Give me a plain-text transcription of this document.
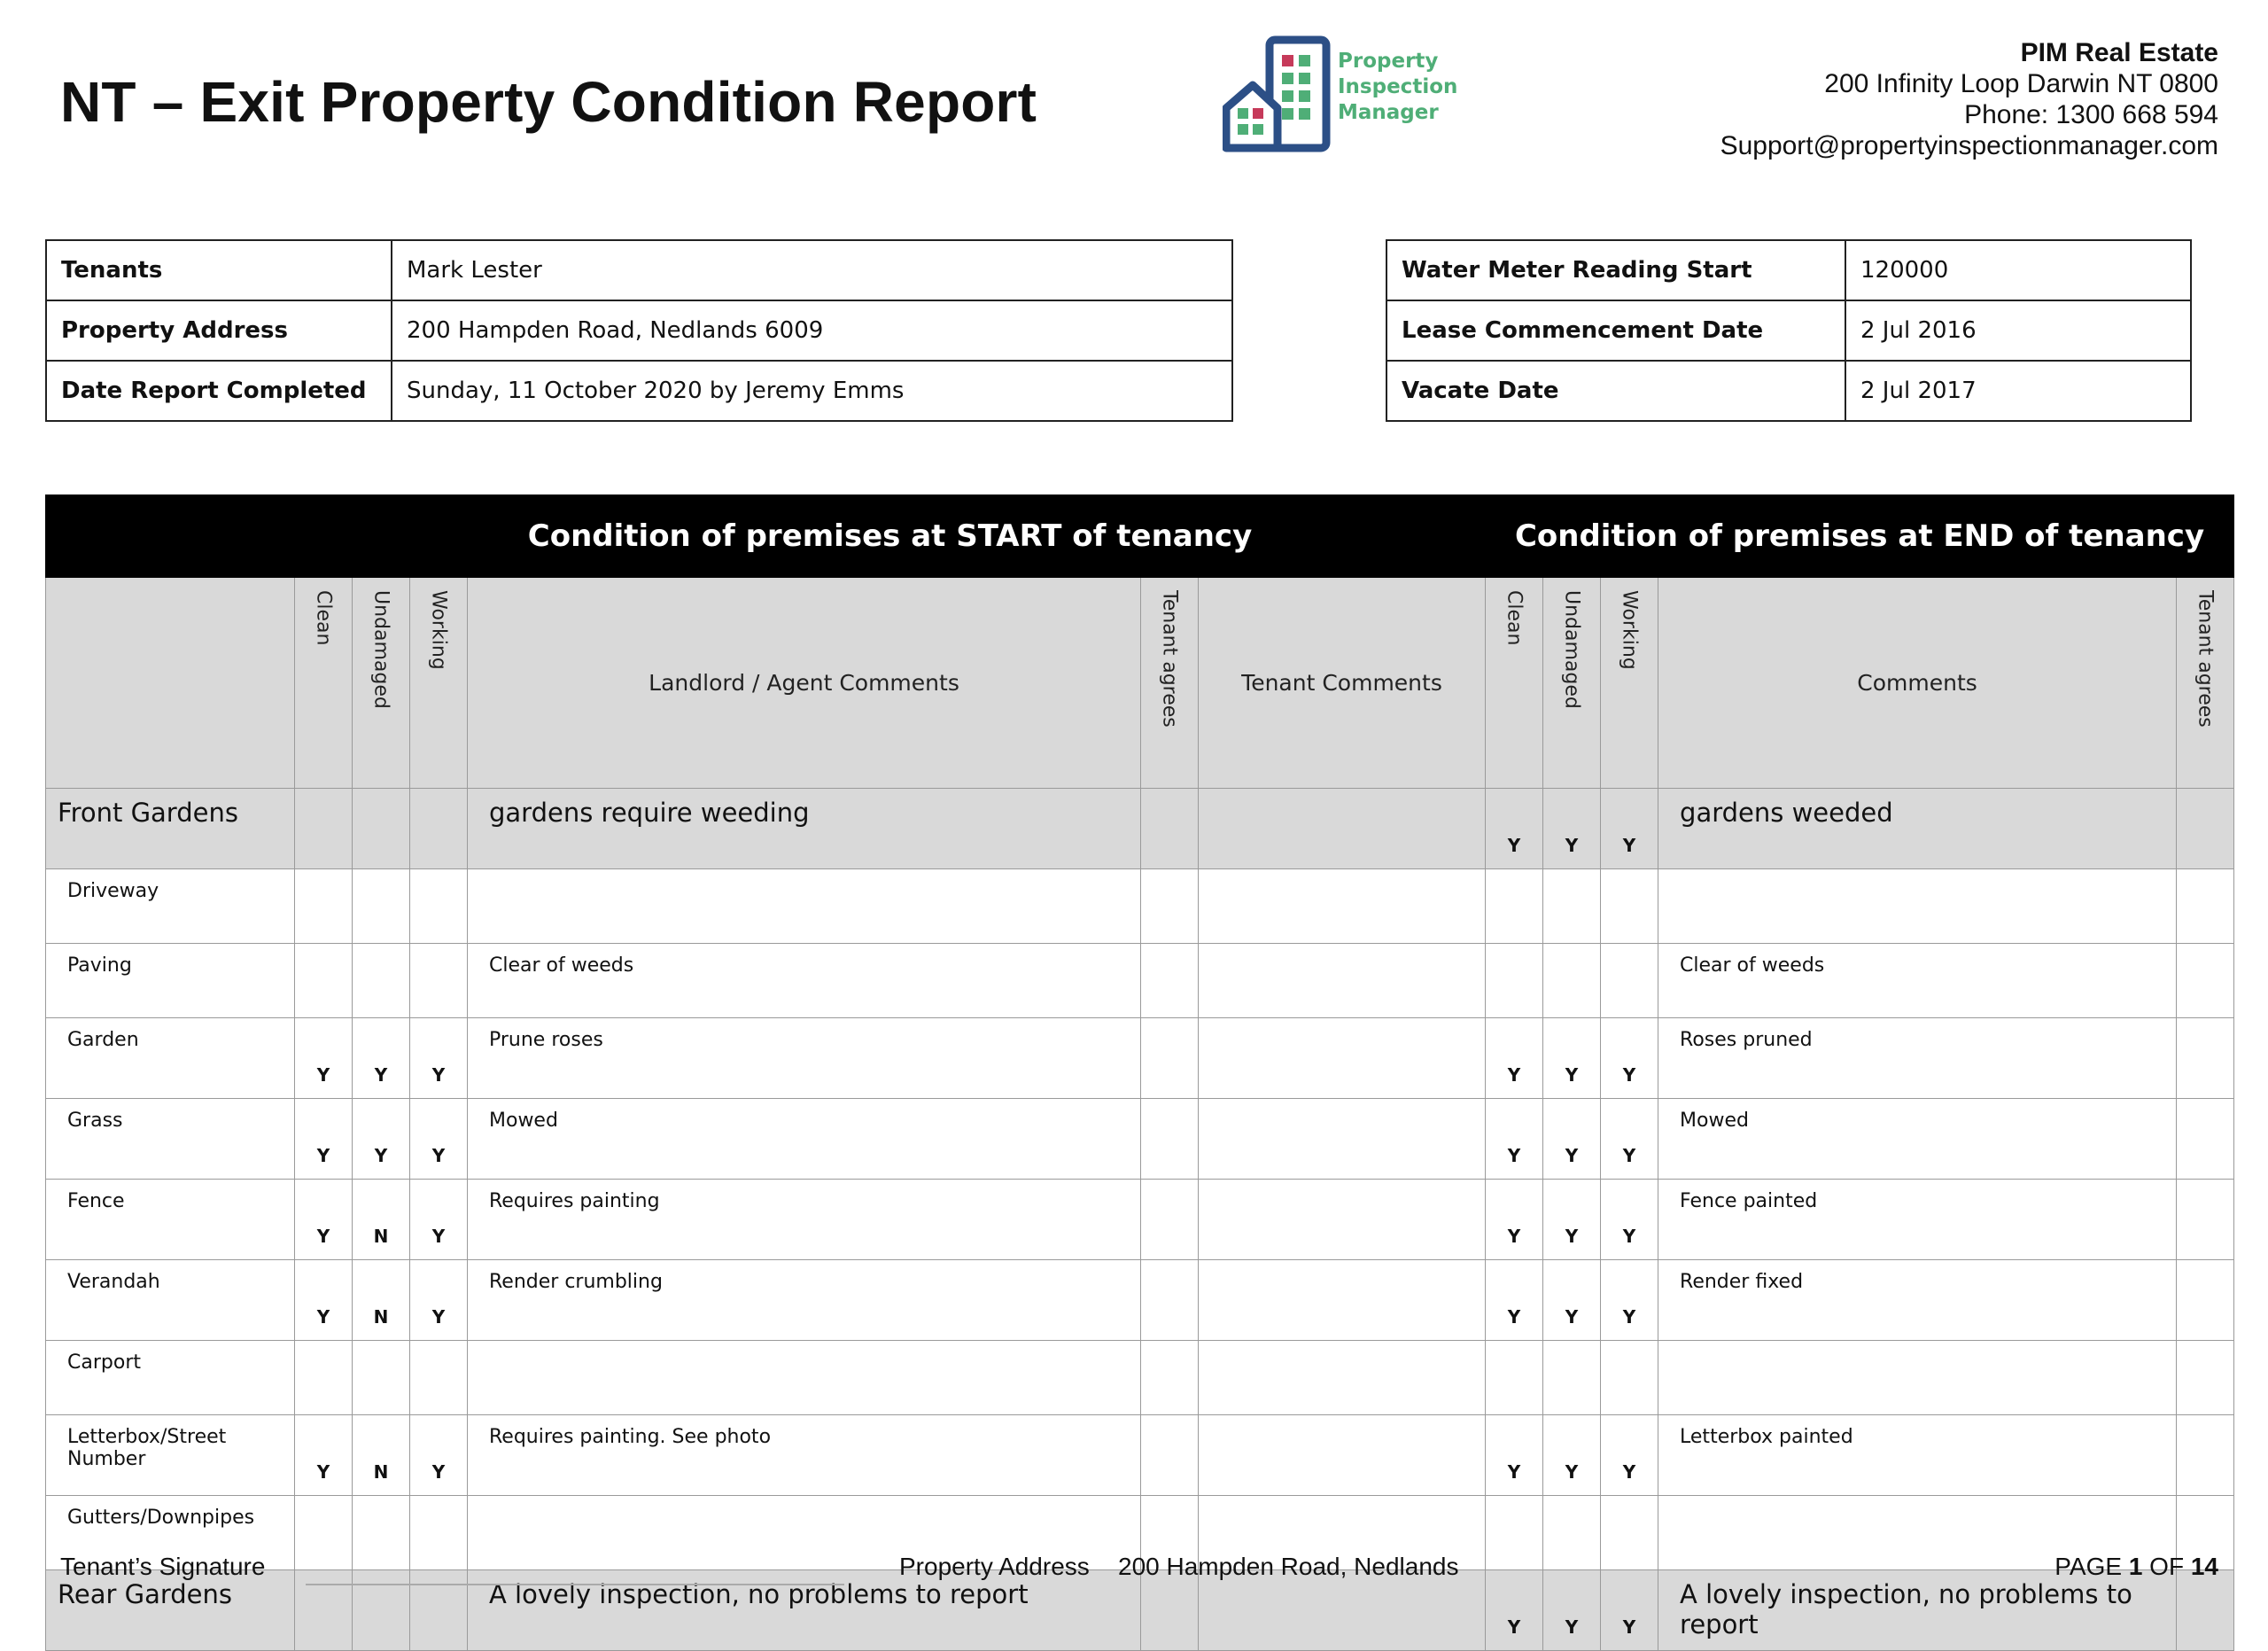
NT – Exit Property Condition Report
Property
Inspection
Manager
PIM Real Estate
200 Infinity Loop Darwin NT 0800
Phone: 1300 668 594
Support@propertyinspectionmanager.com
Tenants	Mark Lester
Property Address	200 Hampden Road, Nedlands 6009
Date Report Completed	Sunday, 11 October 2020 by Jeremy Emms
Water Meter Reading Start	120000
Lease Commencement Date	2 Jul 2016
Vacate Date	2 Jul 2017
	Condition of premises at START of tenancy						Condition of premises at END of tenancy				
	Clean	Undamaged	Working	Landlord / Agent Comments	Tenant agrees	Tenant Comments	Clean	Undamaged	Working	Comments	Tenant agrees
Front Gardens				gardens require weeding			Y	Y	Y	gardens weeded	
Driveway											
Paving				Clear of weeds						Clear of weeds	
Garden	Y	Y	Y	Prune roses			Y	Y	Y	Roses pruned	
Grass	Y	Y	Y	Mowed			Y	Y	Y	Mowed	
Fence	Y	N	Y	Requires painting			Y	Y	Y	Fence painted	
Verandah	Y	N	Y	Render crumbling			Y	Y	Y	Render fixed	
Carport											
Letterbox/Street Number	Y	N	Y	Requires painting. See photo			Y	Y	Y	Letterbox painted	
Gutters/Downpipes											
Rear Gardens				A lovely inspection, no problems to report			Y	Y	Y	A lovely inspection, no problems to report	
Tenant’s Signature	Property Address 200 Hampden Road, Nedlands	PAGE 1 OF 14
